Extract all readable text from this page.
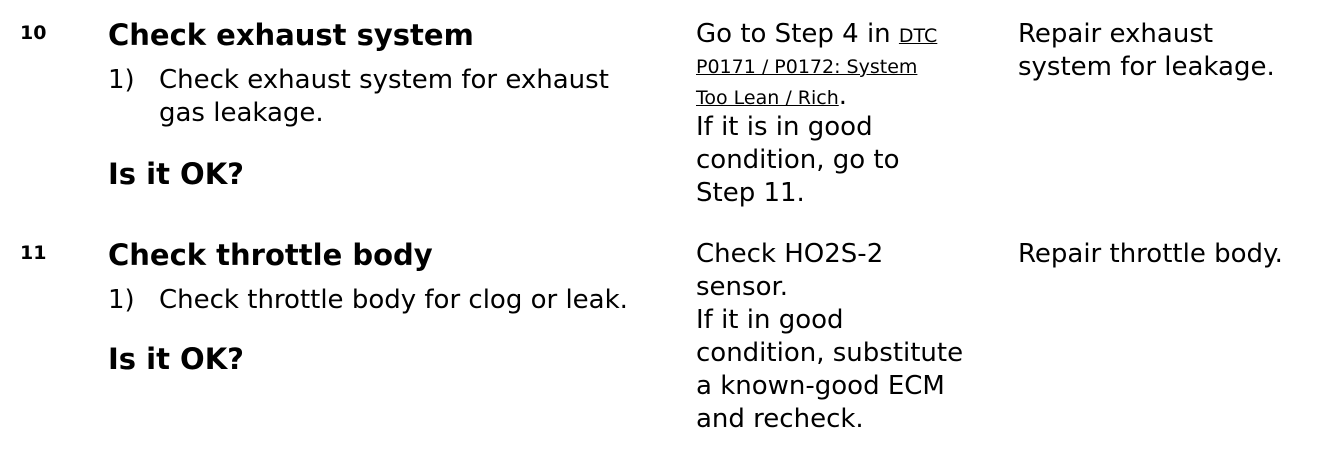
10 Check exhaust system
1) Check exhaust system for exhaust
gas leakage.
Is it OK?
Go to Step 4 in DTC
P0171 / P0172: System
Too Lean / Rich.
If it is in good
condition, go to
Step 11.
Repair exhaust
system for leakage.
11 Check throttle body
1) Check throttle body for clog or leak.
Is it OK?
Check HO2S-2
sensor.
If it in good
condition, substitute
a known-good ECM
and recheck.
Repair throttle body.
